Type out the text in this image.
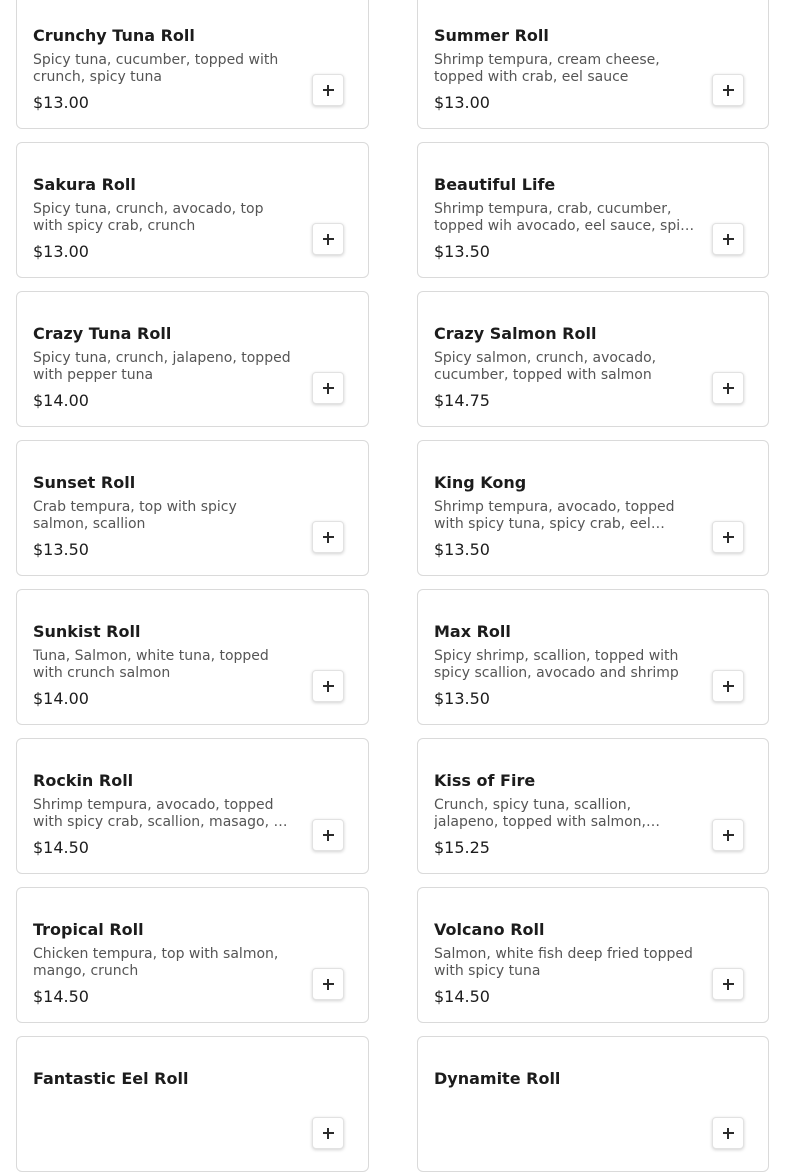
Crunchy Tuna Roll
Spicy tuna, cucumber, topped with crunch, spicy tuna
$13.00
Summer Roll
Shrimp tempura, cream cheese, topped with crab, eel sauce
$13.00
Sakura Roll
Spicy tuna, crunch, avocado, top with spicy crab, crunch
$13.00
Beautiful Life
Shrimp tempura, crab, cucumber, topped wih avocado, eel sauce, spi…
$13.50
Crazy Tuna Roll
Spicy tuna, crunch, jalapeno, topped with pepper tuna
$14.00
Crazy Salmon Roll
Spicy salmon, crunch, avocado, cucumber, topped with salmon
$14.75
Sunset Roll
Crab tempura, top with spicy salmon, scallion
$13.50
King Kong
Shrimp tempura, avocado, topped with spicy tuna, spicy crab, eel
$13.50
Sunkist Roll
Tuna, Salmon, white tuna, topped with crunch salmon
$14.00
Max Roll
Spicy shrimp, scallion, topped with spicy scallion, avocado and shrimp
$13.50
Rockin Roll
Shrimp tempura, avocado, topped with spicy crab, scallion, masago, …
$14.50
Kiss of Fire
Crunch, spicy tuna, scallion, jalapeno, topped with salmon,…
$15.25
Tropical Roll
Chicken tempura, top with salmon, mango, crunch
$14.50
Volcano Roll
Salmon, white fish deep fried topped with spicy tuna
$14.50
Fantastic Eel Roll	Dynamite Roll
